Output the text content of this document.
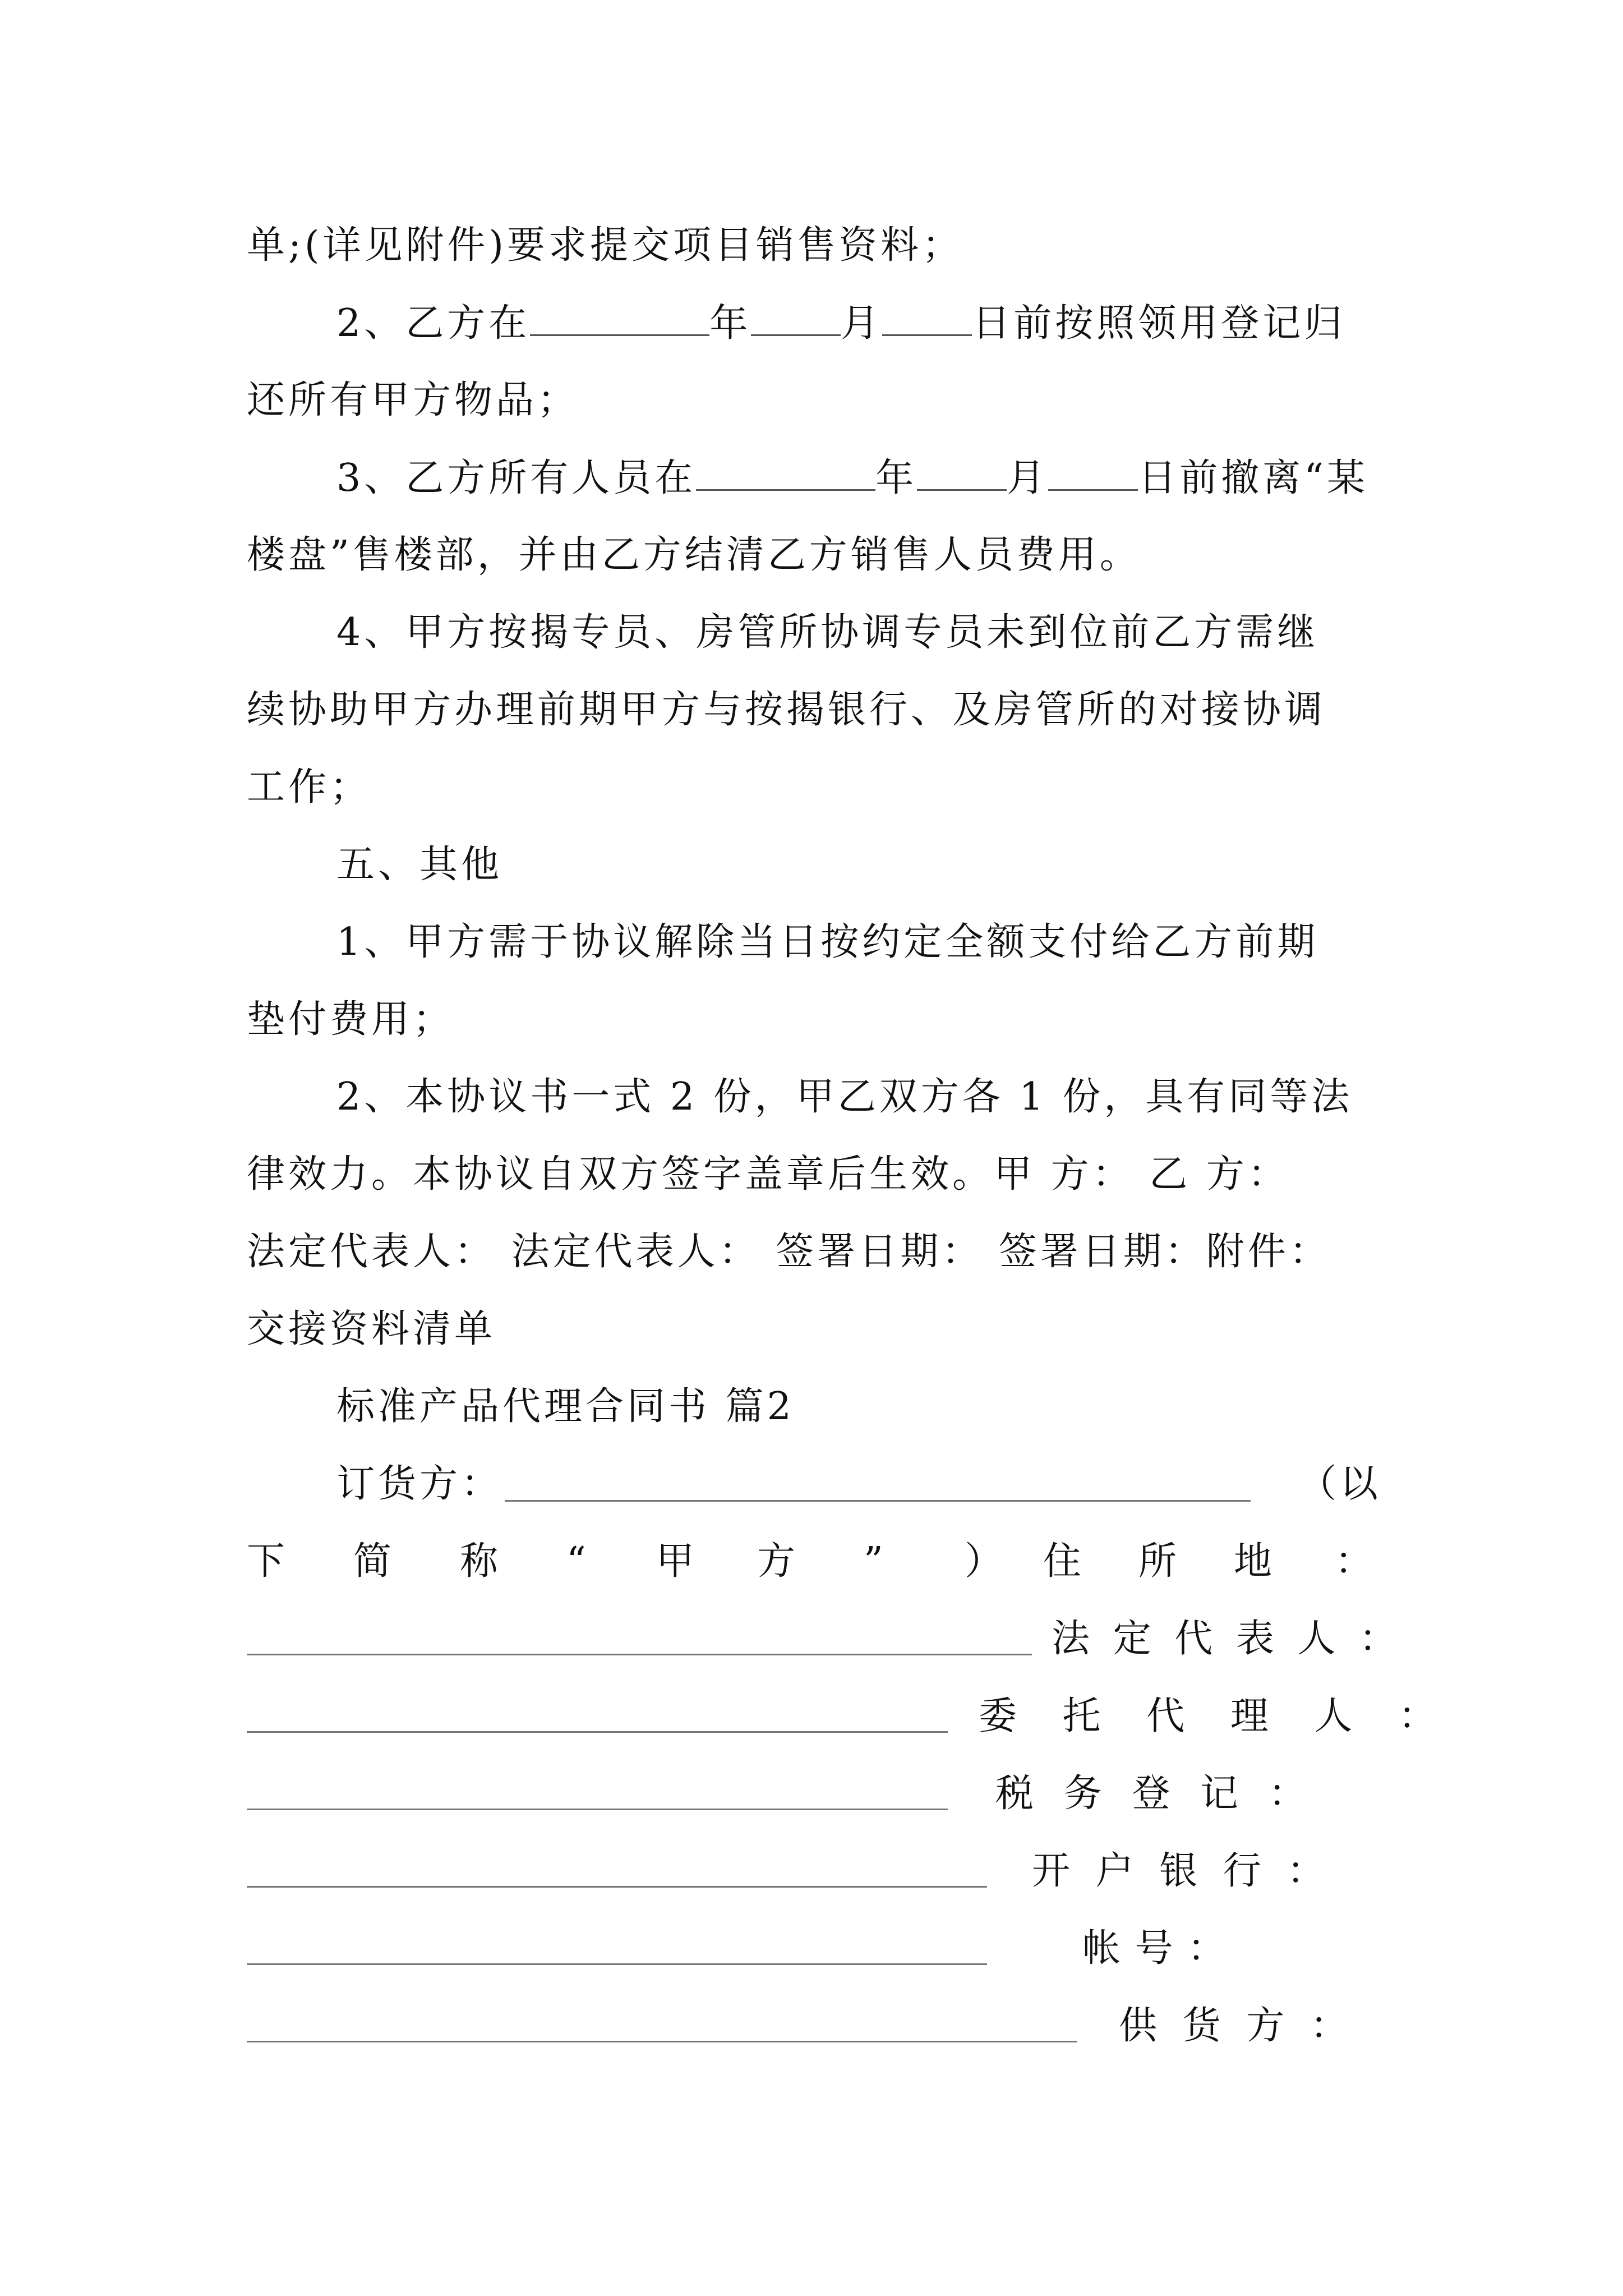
单;(详见附件)要求提交项目销售资料；
2、乙方在	年 月 日前按照领用登记归
还所有甲方物品；
3、乙方所有人员在	年 月 日前撤离“某
楼盘”售楼部，并由乙方结清乙方销售人员费用。
4、甲方按揭专员、房管所协调专员未到位前乙方需继
续协助甲方办理前期甲方与按揭银行、及房管所的对接协调
工作；
五、其他
1、甲方需于协议解除当日按约定全额支付给乙方前期
垫付费用；
2、本协议书一式 2 份，甲乙双方各 1 份，具有同等法
律效力。本协议自双方签字盖章后生效。甲 方： 乙 方：
法定代表人： 法定代表人： 签署日期： 签署日期：附件：
交接资料清单
标准产品代理合同书 篇2
订货方：	（以
下 简 称 “ 甲 方 ” ） 住 所 地 ：
法 定 代 表 人 ：
委 托 代 理 人 ：
税 务 登 记 ：
开 户 银 行 ：
帐 号 ：
供 货 方 ：
